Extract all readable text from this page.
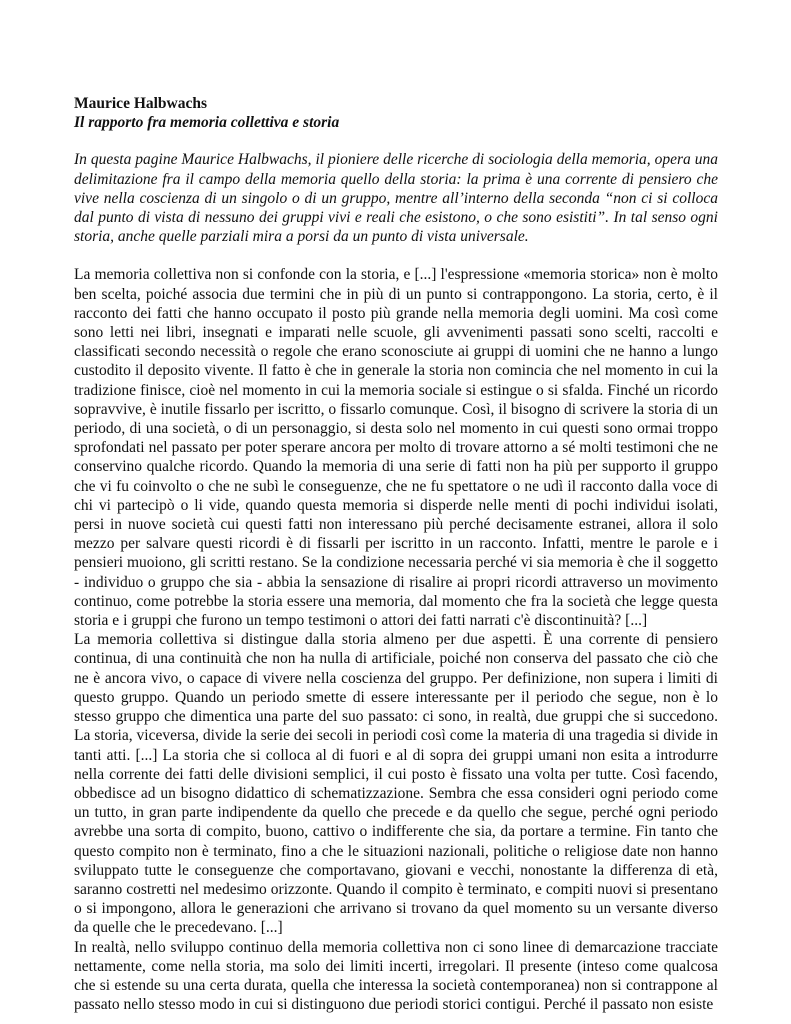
Maurice Halbwachs

Il rapporto fra memoria collettiva e storia

In questa pagine Maurice Halbwachs, il pioniere delle ricerche di sociologia della memoria, opera una delimitazione fra il campo della memoria quello della storia: la prima è una corrente di pensiero che vive nella coscienza di un singolo o di un gruppo, mentre all’interno della seconda “non ci si colloca dal punto di vista di nessuno dei gruppi vivi e reali che esistono, o che sono esistiti”. In tal senso ogni storia, anche quelle parziali mira a porsi da un punto di vista universale.

La memoria collettiva non si confonde con la storia, e [...] l'espressione «memoria storica» non è molto ben scelta, poiché associa due termini che in più di un punto si contrappongono. La storia, certo, è il racconto dei fatti che hanno occupato il posto più grande nella memoria degli uomini. Ma così come sono letti nei libri, insegnati e imparati nelle scuole, gli avvenimenti passati sono scelti, raccolti e classificati secondo necessità o regole che erano sconosciute ai gruppi di uomini che ne hanno a lungo custodito il deposito vivente. Il fatto è che in generale la storia non comincia che nel momento in cui la tradizione finisce, cioè nel momento in cui la memoria sociale si estingue o si sfalda. Finché un ricordo sopravvive, è inutile fissarlo per iscritto, o fissarlo comunque. Così, il bisogno di scrivere la storia di un periodo, di una società, o di un personaggio, si desta solo nel momento in cui questi sono ormai troppo sprofondati nel passato per poter sperare ancora per molto di trovare attorno a sé molti testimoni che ne conservino qualche ricordo. Quando la memoria di una serie di fatti non ha più per supporto il gruppo che vi fu coinvolto o che ne subì le conseguenze, che ne fu spettatore o ne udì il racconto dalla voce di chi vi partecipò o li vide, quando questa memoria si disperde nelle menti di pochi individui isolati, persi in nuove società cui questi fatti non interessano più perché decisamente estranei, allora il solo mezzo per salvare questi ricordi è di fissarli per iscritto in un racconto. Infatti, mentre le parole e i pensieri muoiono, gli scritti restano. Se la condizione necessaria perché vi sia memoria è che il soggetto - individuo o gruppo che sia - abbia la sensazione di risalire ai propri ricordi attraverso un movimento continuo, come potrebbe la storia essere una memoria, dal momento che fra la società che legge questa storia e i gruppi che furono un tempo testimoni o attori dei fatti narrati c'è discontinuità? [...]

La memoria collettiva si distingue dalla storia almeno per due aspetti. È una corrente di pensiero continua, di una continuità che non ha nulla di artificiale, poiché non conserva del passato che ciò che ne è ancora vivo, o capace di vivere nella coscienza del gruppo. Per definizione, non supera i limiti di questo gruppo. Quando un periodo smette di essere interessante per il periodo che segue, non è lo stesso gruppo che dimentica una parte del suo passato: ci sono, in realtà, due gruppi che si succedono. La storia, viceversa, divide la serie dei secoli in periodi così come la materia di una tragedia si divide in tanti atti. [...] La storia che si colloca al di fuori e al di sopra dei gruppi umani non esita a introdurre nella corrente dei fatti delle divisioni semplici, il cui posto è fissato una volta per tutte. Così facendo, obbedisce ad un bisogno didattico di schematizzazione. Sembra che essa consideri ogni periodo come un tutto, in gran parte indipendente da quello che precede e da quello che segue, perché ogni periodo avrebbe una sorta di compito, buono, cattivo o indifferente che sia, da portare a termine. Fin tanto che questo compito non è terminato, fino a che le situazioni nazionali, politiche o religiose date non hanno sviluppato tutte le conseguenze che comportavano, giovani e vecchi, nonostante la differenza di età, saranno costretti nel medesimo orizzonte. Quando il compito è terminato, e compiti nuovi si presentano o si impongono, allora le generazioni che arrivano si trovano da quel momento su un versante diverso da quelle che le precedevano. [...]

In realtà, nello sviluppo continuo della memoria collettiva non ci sono linee di demarcazione tracciate nettamente, come nella storia, ma solo dei limiti incerti, irregolari. Il presente (inteso come qualcosa che si estende su una certa durata, quella che interessa la società contemporanea) non si contrappone al passato nello stesso modo in cui si distinguono due periodi storici contigui. Perché il passato non esiste
